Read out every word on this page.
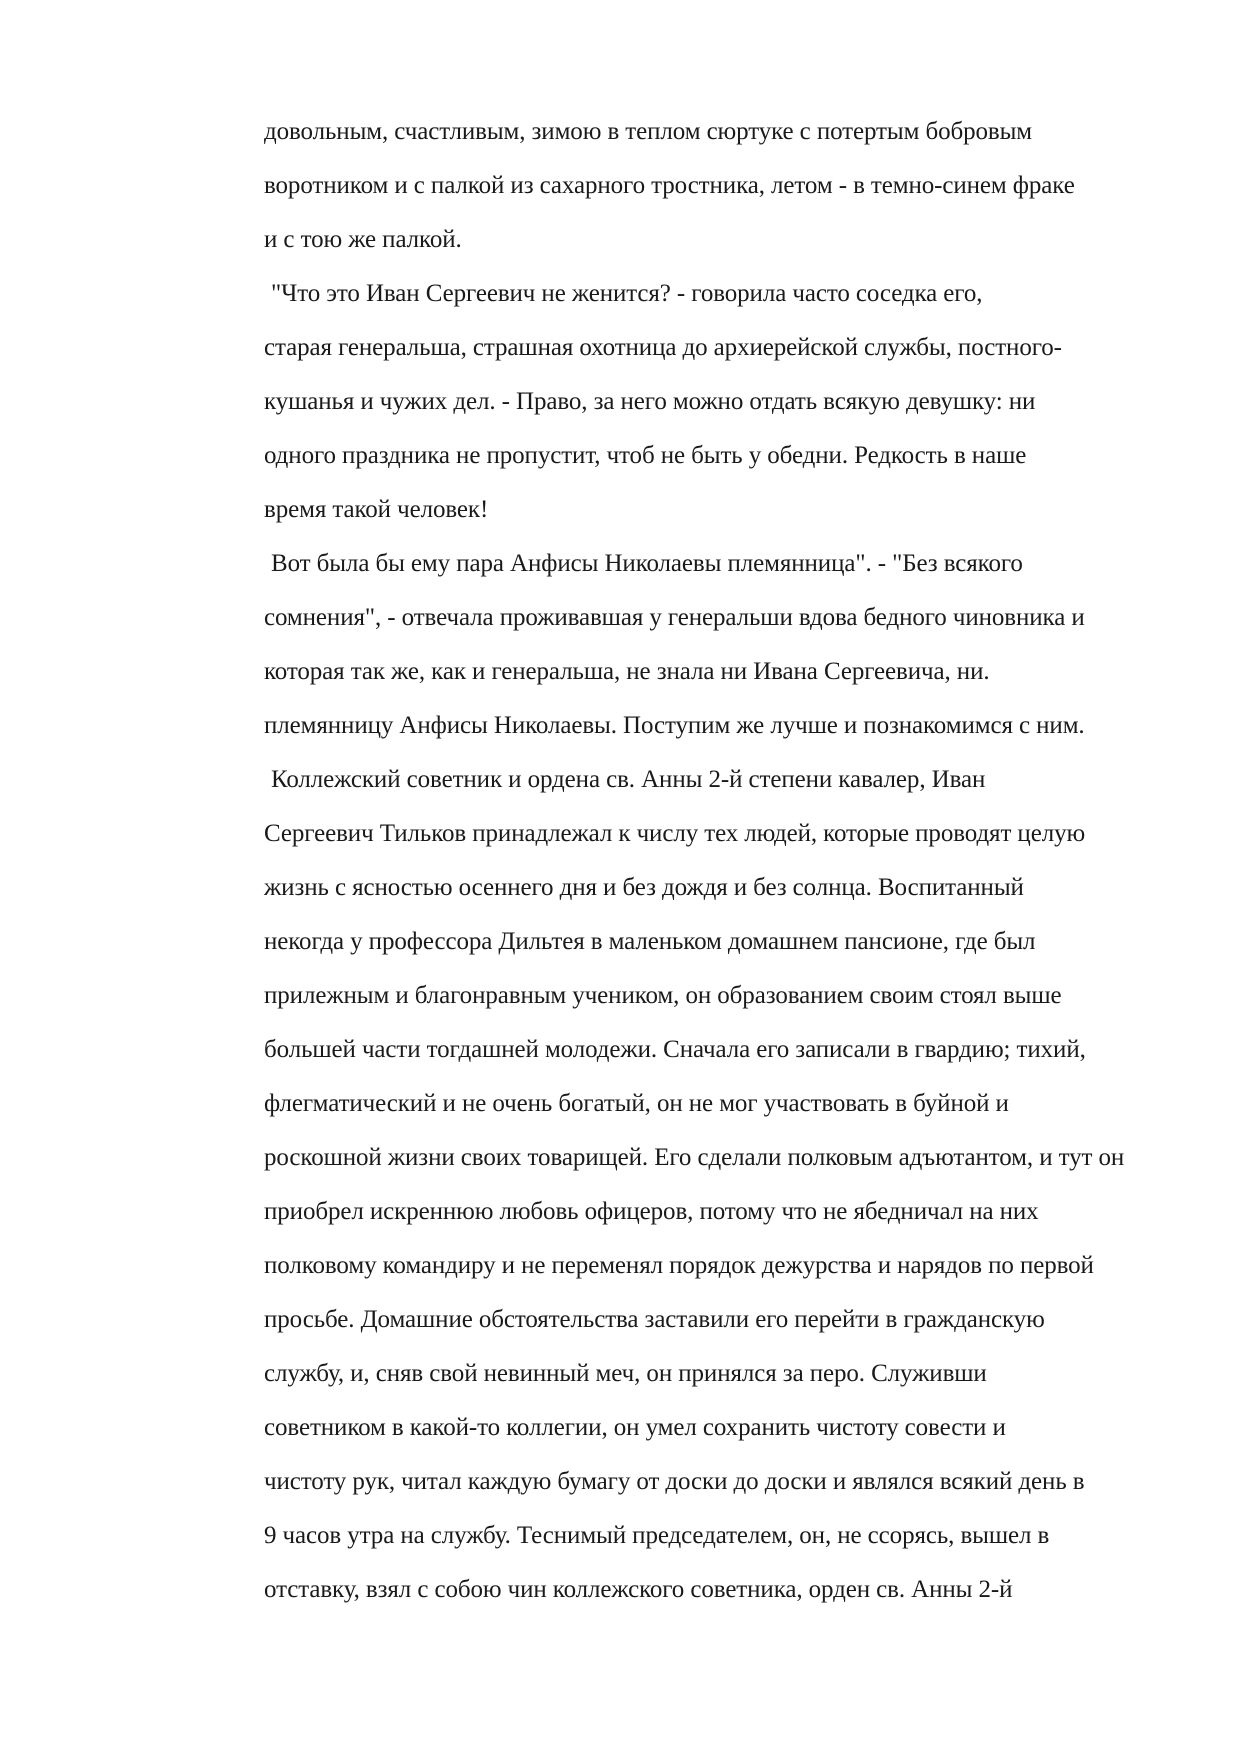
довольным, счастливым, зимою в теплом сюртуке с потертым бобровым
воротником и с палкой из сахарного тростника, летом - в темно-синем фраке
и с тою же палкой.
"Что это Иван Сергеевич не женится? - говорила часто соседка его,
старая генеральша, страшная охотница до архиерейской службы, постного-
кушанья и чужих дел. - Право, за него можно отдать всякую девушку: ни
одного праздника не пропустит, чтоб не быть у обедни. Редкость в наше
время такой человек!
Вот была бы ему пара Анфисы Николаевы племянница". - "Без всякого
сомнения", - отвечала проживавшая у генеральши вдова бедного чиновника и
которая так же, как и генеральша, не знала ни Ивана Сергеевича, ни.
племянницу Анфисы Николаевы. Поступим же лучше и познакомимся с ним.
Коллежский советник и ордена св. Анны 2-й степени кавалер, Иван
Сергеевич Тильков принадлежал к числу тех людей, которые проводят целую
жизнь с ясностью осеннего дня и без дождя и без солнца. Воспитанный
некогда у профессора Дильтея в маленьком домашнем пансионе, где был
прилежным и благонравным учеником, он образованием своим стоял выше
большей части тогдашней молодежи. Сначала его записали в гвардию; тихий,
флегматический и не очень богатый, он не мог участвовать в буйной и
роскошной жизни своих товарищей. Его сделали полковым адъютантом, и тут он
приобрел искреннюю любовь офицеров, потому что не ябедничал на них
полковому командиру и не переменял порядок дежурства и нарядов по первой
просьбе. Домашние обстоятельства заставили его перейти в гражданскую
службу, и, сняв свой невинный меч, он принялся за перо. Служивши
советником в какой-то коллегии, он умел сохранить чистоту совести и
чистоту рук, читал каждую бумагу от доски до доски и являлся всякий день в
9 часов утра на службу. Теснимый председателем, он, не ссорясь, вышел в
отставку, взял с собою чин коллежского советника, орден св. Анны 2-й
